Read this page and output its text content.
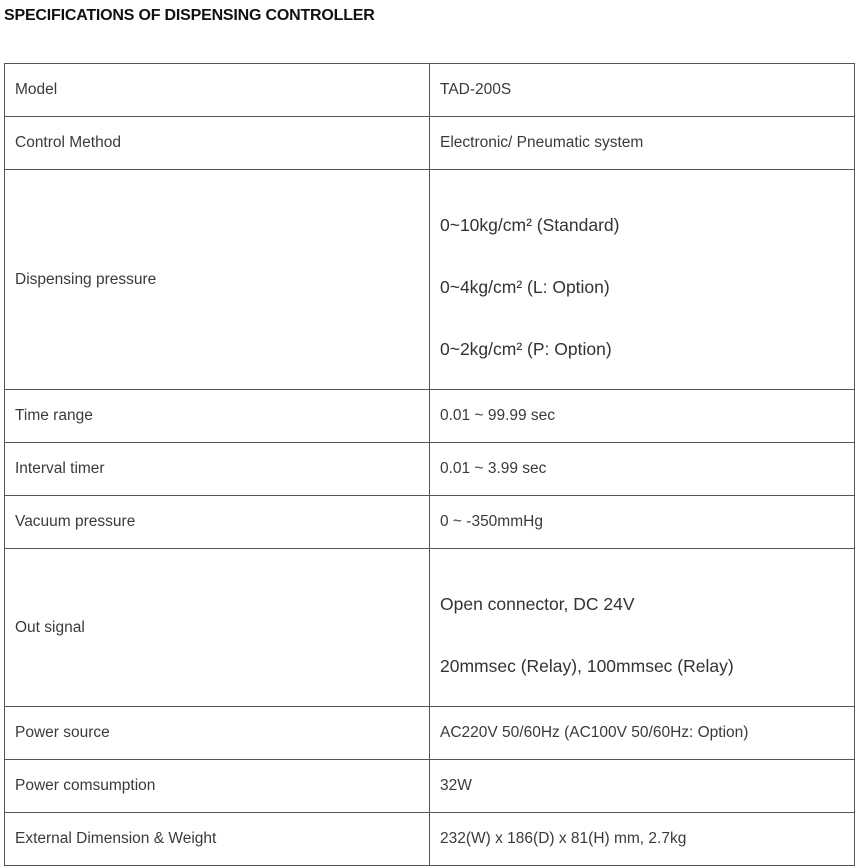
SPECIFICATIONS OF DISPENSING CONTROLLER
Model	TAD-200S
Control Method	Electronic/ Pneumatic system
Dispensing pressure	0~10kg/cm² (Standard)
0~4kg/cm² (L: Option)
0~2kg/cm² (P: Option)

Time range	0.01 ~ 99.99 sec
Interval timer	0.01 ~ 3.99 sec
Vacuum pressure	0 ~ -350mmHg
Out signal	Open connector, DC 24V
20mmsec (Relay), 100mmsec (Relay)

Power source	AC220V 50/60Hz (AC100V 50/60Hz: Option)
Power comsumption	32W
External Dimension & Weight	232(W) x 186(D) x 81(H) mm, 2.7kg
